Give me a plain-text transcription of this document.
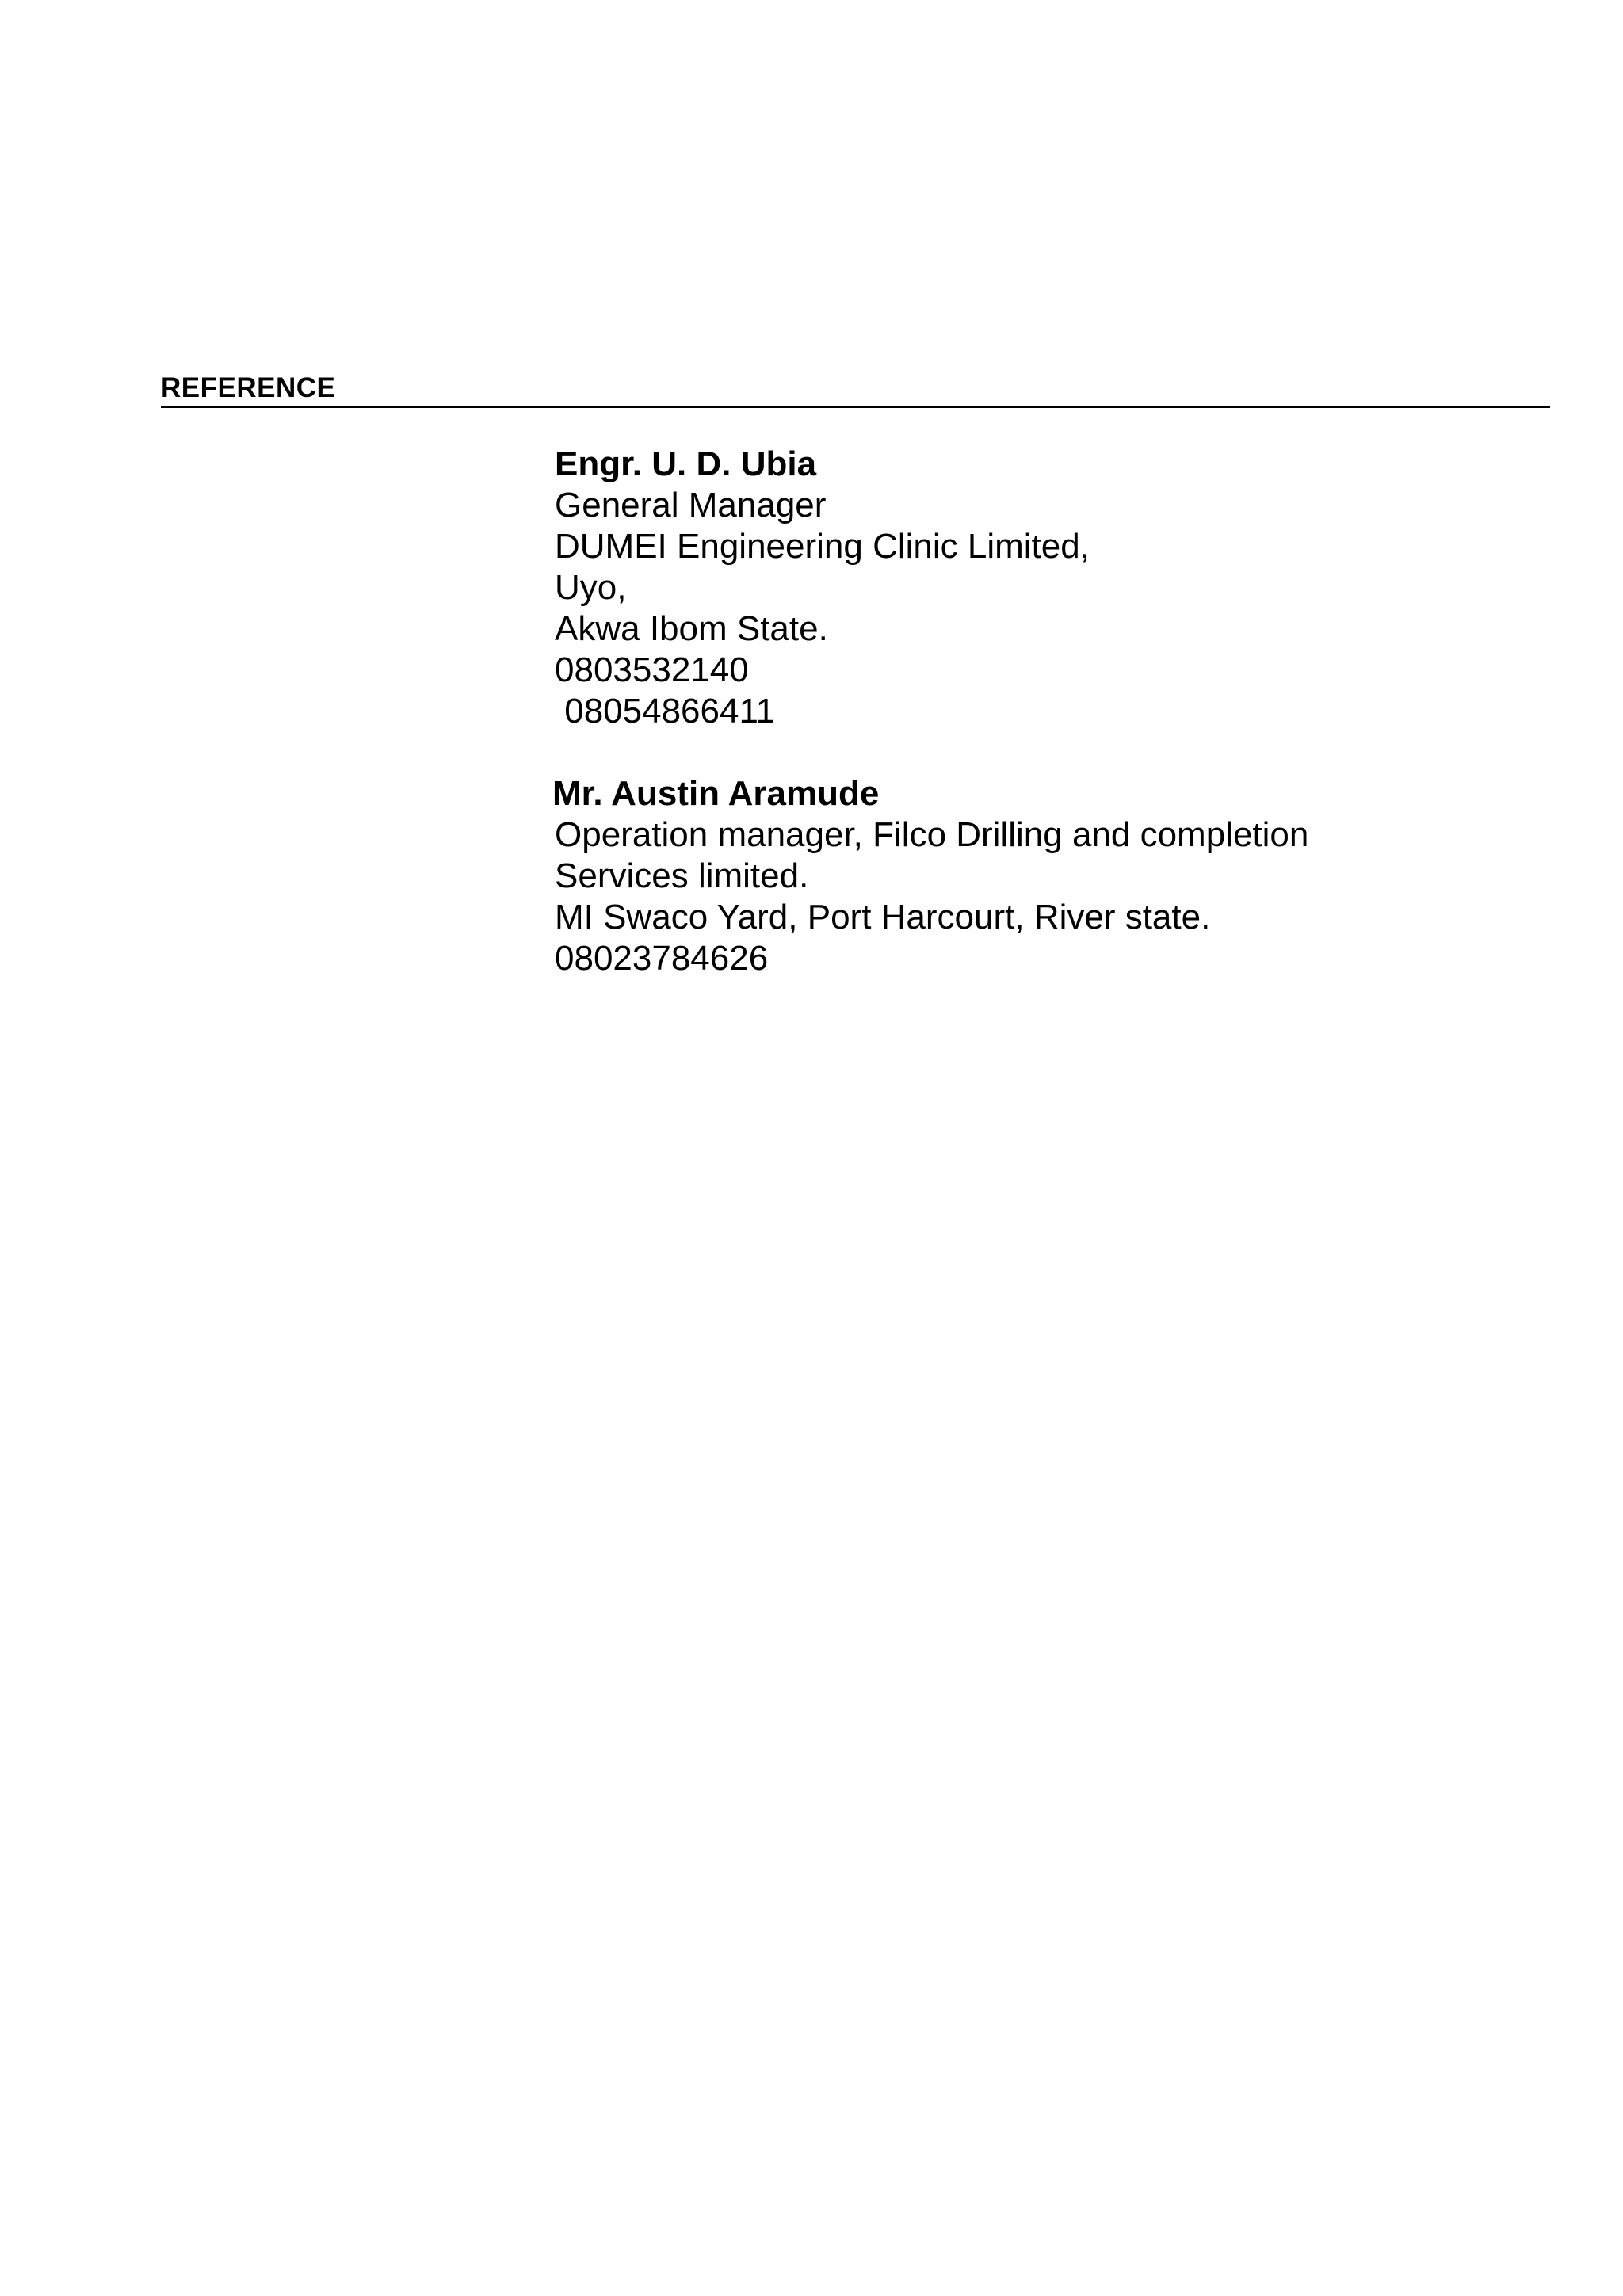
REFERENCE
Engr. U. D. Ubia
General Manager
DUMEI Engineering Clinic Limited,
Uyo,
Akwa Ibom State.
0803532140
08054866411
Mr. Austin Aramude
Operation manager, Filco Drilling and completion
Services limited.
MI Swaco Yard, Port Harcourt, River state.
08023784626
